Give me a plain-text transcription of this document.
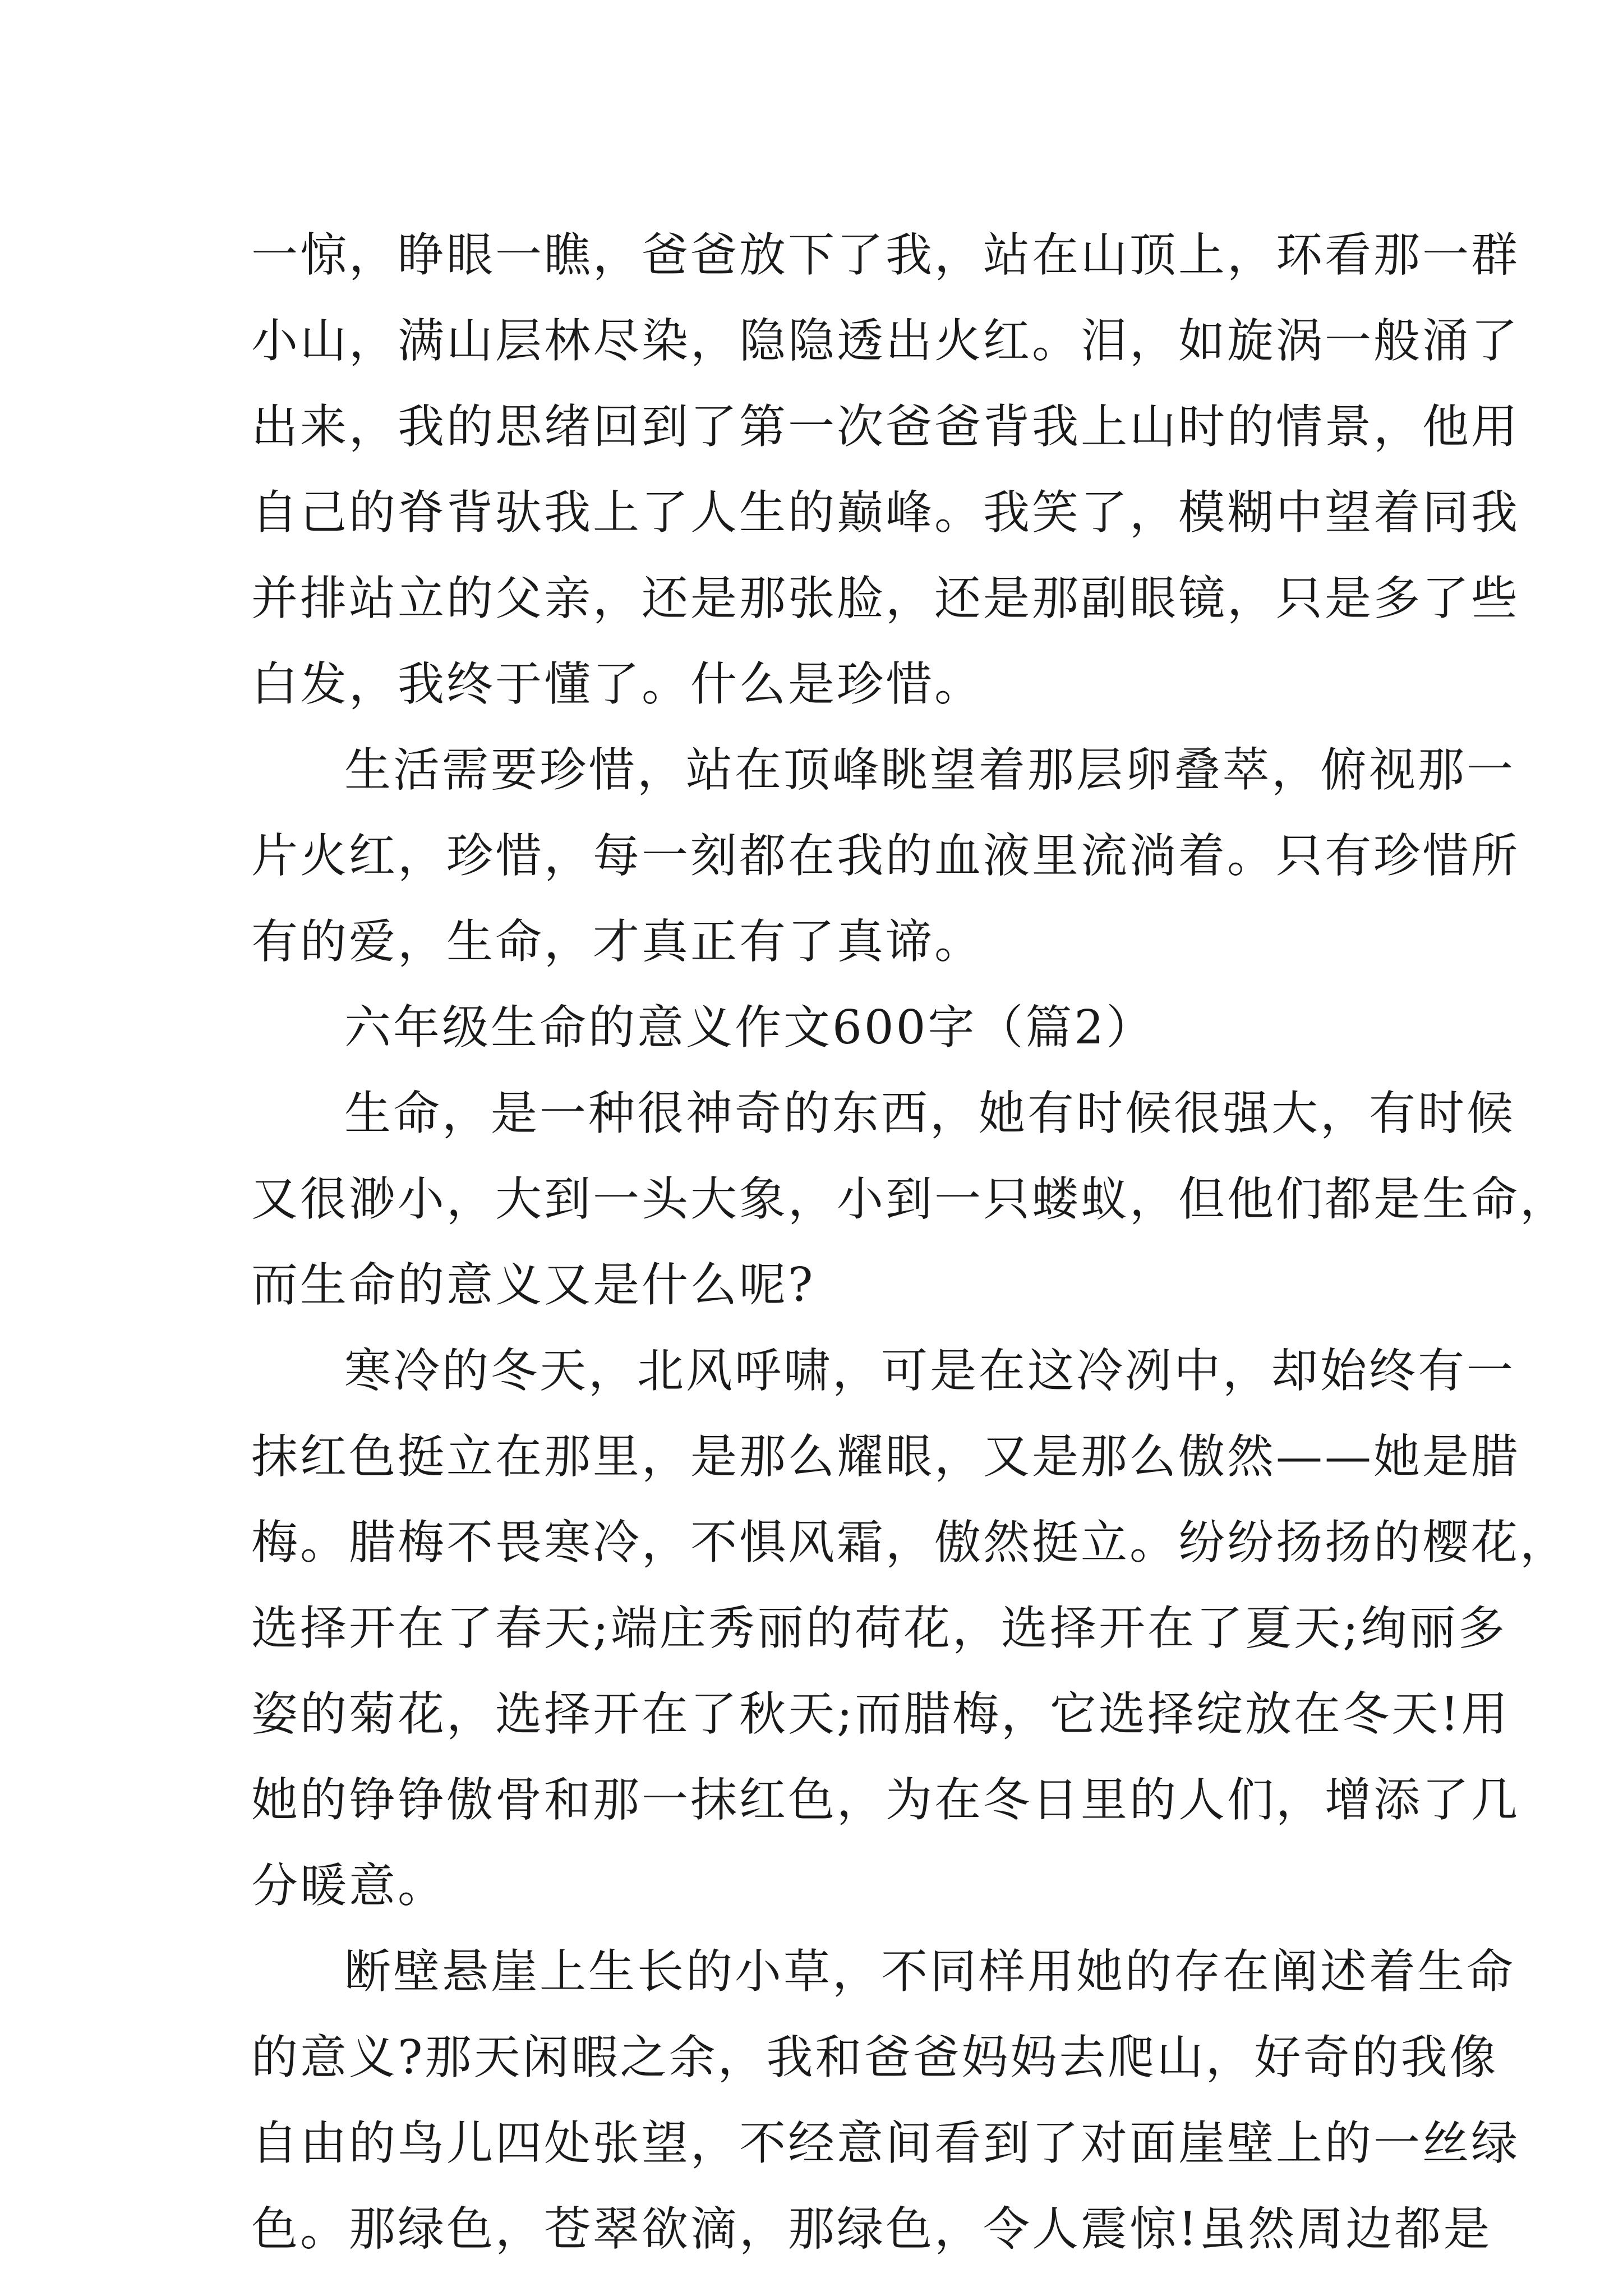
一惊，睁眼一瞧，爸爸放下了我，站在山顶上，环看那一群
小山，满山层林尽染，隐隐透出火红。泪，如旋涡一般涌了
出来，我的思绪回到了第一次爸爸背我上山时的情景，他用
自己的脊背驮我上了人生的巅峰。我笑了，模糊中望着同我
并排站立的父亲，还是那张脸，还是那副眼镜，只是多了些
白发，我终于懂了。什么是珍惜。
生活需要珍惜，站在顶峰眺望着那层卵叠萃，俯视那一
片火红，珍惜，每一刻都在我的血液里流淌着。只有珍惜所
有的爱，生命，才真正有了真谛。
六年级生命的意义作文600字（篇2）
生命，是一种很神奇的东西，她有时候很强大，有时候
又很渺小，大到一头大象，小到一只蝼蚁，但他们都是生命，
而生命的意义又是什么呢?
寒冷的冬天，北风呼啸，可是在这冷冽中，却始终有一
抹红色挺立在那里，是那么耀眼，又是那么傲然——她是腊
梅。腊梅不畏寒冷，不惧风霜，傲然挺立。纷纷扬扬的樱花，
选择开在了春天;端庄秀丽的荷花，选择开在了夏天;绚丽多
姿的菊花，选择开在了秋天;而腊梅，它选择绽放在冬天!用
她的铮铮傲骨和那一抹红色，为在冬日里的人们，增添了几
分暖意。
断壁悬崖上生长的小草，不同样用她的存在阐述着生命
的意义?那天闲暇之余，我和爸爸妈妈去爬山，好奇的我像
自由的鸟儿四处张望，不经意间看到了对面崖壁上的一丝绿
色。那绿色，苍翠欲滴，那绿色，令人震惊!虽然周边都是
